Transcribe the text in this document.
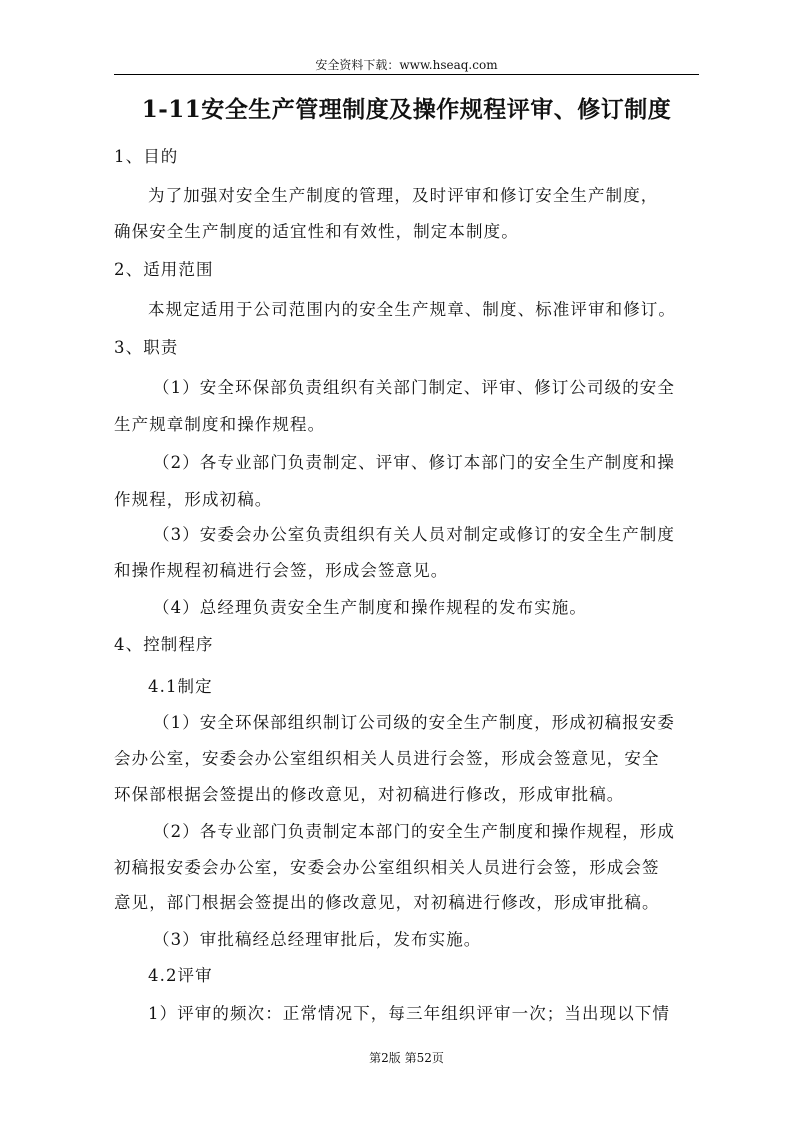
安全资料下载：www.hseaq.com
1-11安全生产管理制度及操作规程评审、修订制度
1、目的
为了加强对安全生产制度的管理，及时评审和修订安全生产制度，
确保安全生产制度的适宜性和有效性，制定本制度。
2、适用范围
本规定适用于公司范围内的安全生产规章、制度、标准评审和修订。
3、职责
（1）安全环保部负责组织有关部门制定、评审、修订公司级的安全
生产规章制度和操作规程。
（2）各专业部门负责制定、评审、修订本部门的安全生产制度和操
作规程，形成初稿。
（3）安委会办公室负责组织有关人员对制定或修订的安全生产制度
和操作规程初稿进行会签，形成会签意见。
（4）总经理负责安全生产制度和操作规程的发布实施。
4、控制程序
4.1制定
（1）安全环保部组织制订公司级的安全生产制度，形成初稿报安委
会办公室，安委会办公室组织相关人员进行会签，形成会签意见，安全
环保部根据会签提出的修改意见，对初稿进行修改，形成审批稿。
（2）各专业部门负责制定本部门的安全生产制度和操作规程，形成
初稿报安委会办公室，安委会办公室组织相关人员进行会签，形成会签
意见，部门根据会签提出的修改意见，对初稿进行修改，形成审批稿。
（3）审批稿经总经理审批后，发布实施。
4.2评审
1）评审的频次：正常情况下，每三年组织评审一次；当出现以下情
第2版 第52页
